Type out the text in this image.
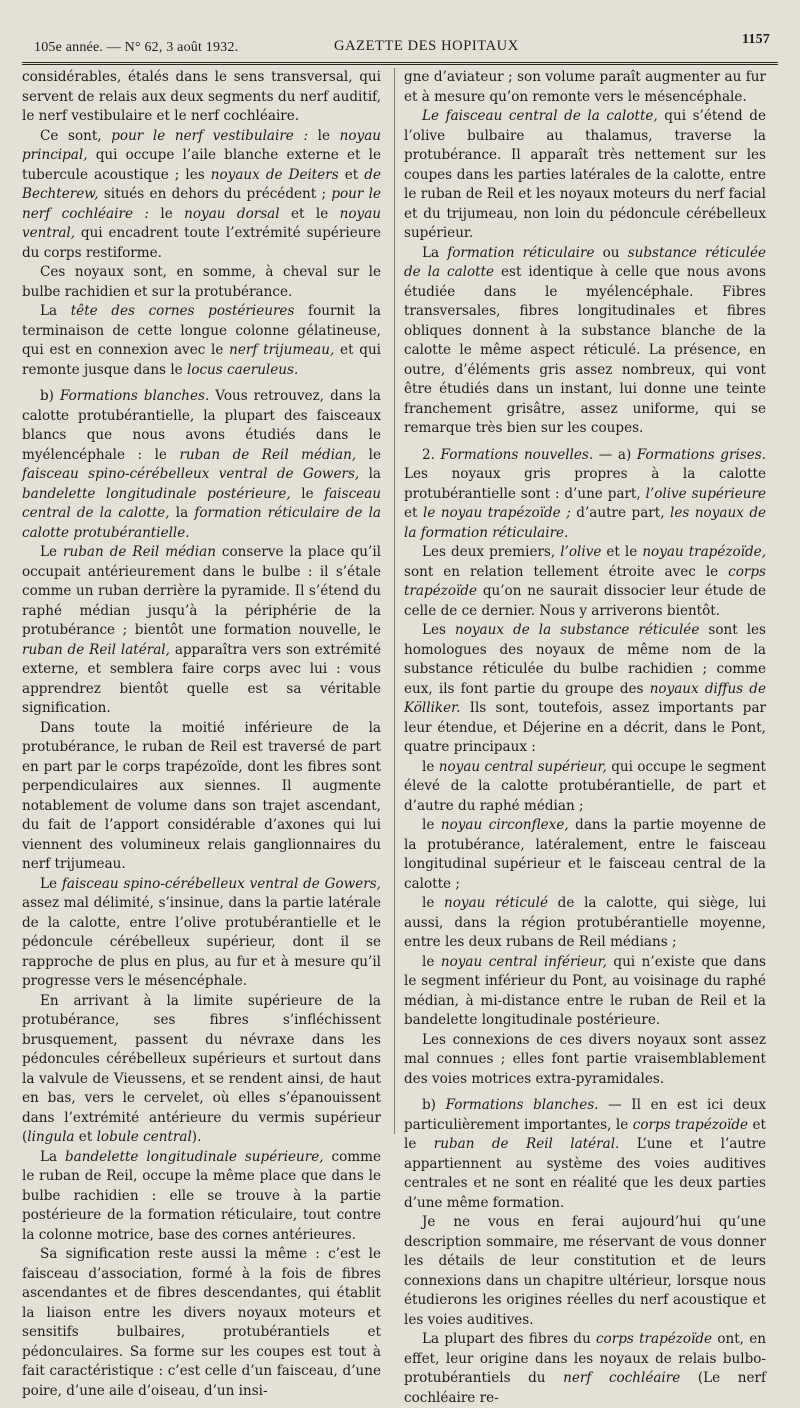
105e année. — N° 62, 3 août 1932.	GAZETTE DES HOPITAUX	1157

considérables, étalés dans le sens transversal, qui servent de relais aux deux segments du nerf auditif, le nerf vestibulaire et le nerf cochléaire.

Ce sont, pour le nerf vestibulaire : le noyau principal, qui occupe l’aile blanche externe et le tubercule acoustique ; les noyaux de Deiters et de Bechterew, situés en dehors du précédent ; pour le nerf cochléaire : le noyau dorsal et le noyau ventral, qui encadrent toute l’extrémité supérieure du corps restiforme.

Ces noyaux sont, en somme, à cheval sur le bulbe rachidien et sur la protubérance.

La tête des cornes postérieures fournit la terminaison de cette longue colonne gélatineuse, qui est en connexion avec le nerf trijumeau, et qui remonte jusque dans le locus caeruleus.

b) Formations blanches. Vous retrouvez, dans la calotte protubérantielle, la plupart des faisceaux blancs que nous avons étudiés dans le myélencéphale : le ruban de Reil médian, le faisceau spino-cérébelleux ventral de Gowers, la bandelette longitudinale postérieure, le faisceau central de la calotte, la formation réticulaire de la calotte protubérantielle.

Le ruban de Reil médian conserve la place qu’il occupait antérieurement dans le bulbe : il s’étale comme un ruban derrière la pyramide. Il s’étend du raphé médian jusqu’à la périphérie de la protubérance ; bientôt une formation nouvelle, le ruban de Reil latéral, apparaîtra vers son extrémité externe, et semblera faire corps avec lui : vous apprendrez bientôt quelle est sa véritable signification.

Dans toute la moitié inférieure de la protubérance, le ruban de Reil est traversé de part en part par le corps trapézoïde, dont les fibres sont perpendiculaires aux siennes. Il augmente notablement de volume dans son trajet ascendant, du fait de l’apport considérable d’axones qui lui viennent des volumineux relais ganglionnaires du nerf trijumeau.

Le faisceau spino-cérébelleux ventral de Gowers, assez mal délimité, s’insinue, dans la partie latérale de la calotte, entre l’olive protubérantielle et le pédoncule cérébelleux supérieur, dont il se rapproche de plus en plus, au fur et à mesure qu’il progresse vers le mésencéphale.

En arrivant à la limite supérieure de la protubérance, ses fibres s’infléchissent brusquement, passent du névraxe dans les pédoncules cérébelleux supérieurs et surtout dans la valvule de Vieussens, et se rendent ainsi, de haut en bas, vers le cervelet, où elles s’épanouissent dans l’extrémité antérieure du vermis supérieur (lingula et lobule central).

La bandelette longitudinale supérieure, comme le ruban de Reil, occupe la même place que dans le bulbe rachidien : elle se trouve à la partie postérieure de la formation réticulaire, tout contre la colonne motrice, base des cornes antérieures.

Sa signification reste aussi la même : c’est le faisceau d’association, formé à la fois de fibres ascendantes et de fibres descendantes, qui établit la liaison entre les divers noyaux moteurs et sensitifs bulbaires, protubérantiels et pédonculaires. Sa forme sur les coupes est tout à fait caractéristique : c’est celle d’un faisceau, d’une poire, d’une aile d’oiseau, d’un insi-

gne d’aviateur ; son volume paraît augmenter au fur et à mesure qu’on remonte vers le mésencéphale.

Le faisceau central de la calotte, qui s’étend de l’olive bulbaire au thalamus, traverse la protubérance. Il apparaît très nettement sur les coupes dans les parties latérales de la calotte, entre le ruban de Reil et les noyaux moteurs du nerf facial et du trijumeau, non loin du pédoncule cérébelleux supérieur.

La formation réticulaire ou substance réticulée de la calotte est identique à celle que nous avons étudiée dans le myélencéphale. Fibres transversales, fibres longitudinales et fibres obliques donnent à la substance blanche de la calotte le même aspect réticulé. La présence, en outre, d’éléments gris assez nombreux, qui vont être étudiés dans un instant, lui donne une teinte franchement grisâtre, assez uniforme, qui se remarque très bien sur les coupes.

2. Formations nouvelles. — a) Formations grises. Les noyaux gris propres à la calotte protubérantielle sont : d’une part, l’olive supérieure et le noyau trapézoïde ; d’autre part, les noyaux de la formation réticulaire.

Les deux premiers, l’olive et le noyau trapézoïde, sont en relation tellement étroite avec le corps trapézoïde qu’on ne saurait dissocier leur étude de celle de ce dernier. Nous y arriverons bientôt.

Les noyaux de la substance réticulée sont les homologues des noyaux de même nom de la substance réticulée du bulbe rachidien ; comme eux, ils font partie du groupe des noyaux diffus de Kölliker. Ils sont, toutefois, assez importants par leur étendue, et Déjerine en a décrit, dans le Pont, quatre principaux :

le noyau central supérieur, qui occupe le segment élevé de la calotte protubérantielle, de part et d’autre du raphé médian ;

le noyau circonflexe, dans la partie moyenne de la protubérance, latéralement, entre le faisceau longitudinal supérieur et le faisceau central de la calotte ;

le noyau réticulé de la calotte, qui siège, lui aussi, dans la région protubérantielle moyenne, entre les deux rubans de Reil médians ;

le noyau central inférieur, qui n’existe que dans le segment inférieur du Pont, au voisinage du raphé médian, à mi-distance entre le ruban de Reil et la bandelette longitudinale postérieure.

Les connexions de ces divers noyaux sont assez mal connues ; elles font partie vraisemblablement des voies motrices extra-pyramidales.

b) Formations blanches. — Il en est ici deux particulièrement importantes, le corps trapézoïde et le ruban de Reil latéral. L’une et l’autre appartiennent au système des voies auditives centrales et ne sont en réalité que les deux parties d’une même formation.

Je ne vous en ferai aujourd’hui qu’une description sommaire, me réservant de vous donner les détails de leur constitution et de leurs connexions dans un chapitre ultérieur, lorsque nous étudierons les origines réelles du nerf acoustique et les voies auditives.

La plupart des fibres du corps trapézoïde ont, en effet, leur origine dans les noyaux de relais bulbo-protubérantiels du nerf cochléaire (Le nerf cochléaire re-
